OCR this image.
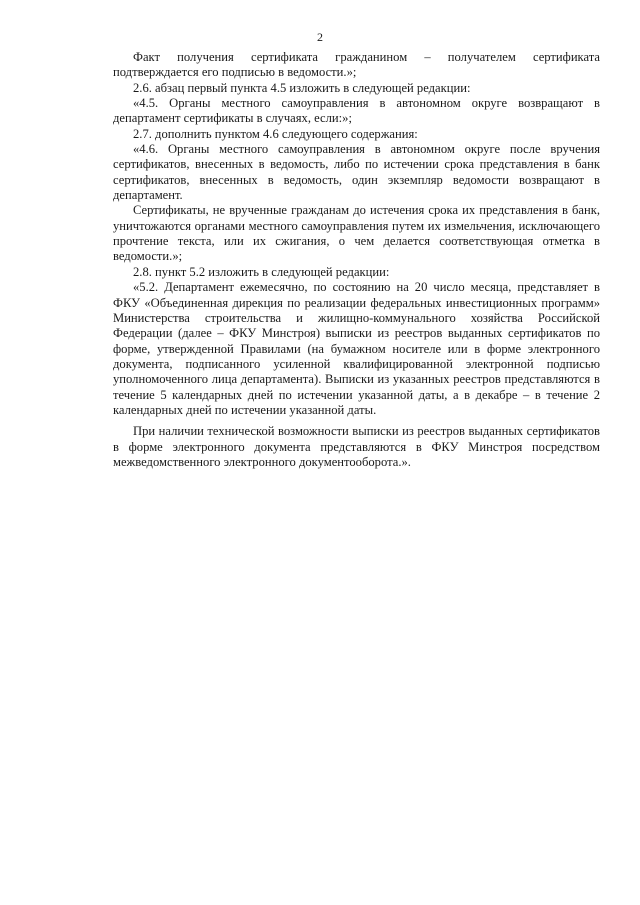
2

Факт получения сертификата гражданином – получателем сертификата подтверждается его подписью в ведомости.»;

2.6. абзац первый пункта 4.5 изложить в следующей редакции:

«4.5. Органы местного самоуправления в автономном округе возвращают в департамент сертификаты в случаях, если:»;

2.7. дополнить пунктом 4.6 следующего содержания:

«4.6. Органы местного самоуправления в автономном округе после вручения сертификатов, внесенных в ведомость, либо по истечении срока представления в банк сертификатов, внесенных в ведомость, один экземпляр ведомости возвращают в департамент.

Сертификаты, не врученные гражданам до истечения срока их представления в банк, уничтожаются органами местного самоуправления путем их измельчения, исключающего прочтение текста, или их сжигания, о чем делается соответствующая отметка в ведомости.»;

2.8. пункт 5.2 изложить в следующей редакции:

«5.2. Департамент ежемесячно, по состоянию на 20 число месяца, представляет в ФКУ «Объединенная дирекция по реализации федеральных инвестиционных программ» Министерства строительства и жилищно-коммунального хозяйства Российской Федерации (далее – ФКУ Минстроя) выписки из реестров выданных сертификатов по форме, утвержденной Правилами (на бумажном носителе или в форме электронного документа, подписанного усиленной квалифицированной электронной подписью уполномоченного лица департамента). Выписки из указанных реестров представляются в течение 5 календарных дней по истечении указанной даты, а в декабре – в течение 2 календарных дней по истечении указанной даты.

При наличии технической возможности выписки из реестров выданных сертификатов в форме электронного документа представляются в ФКУ Минстроя посредством межведомственного электронного документооборота.».
